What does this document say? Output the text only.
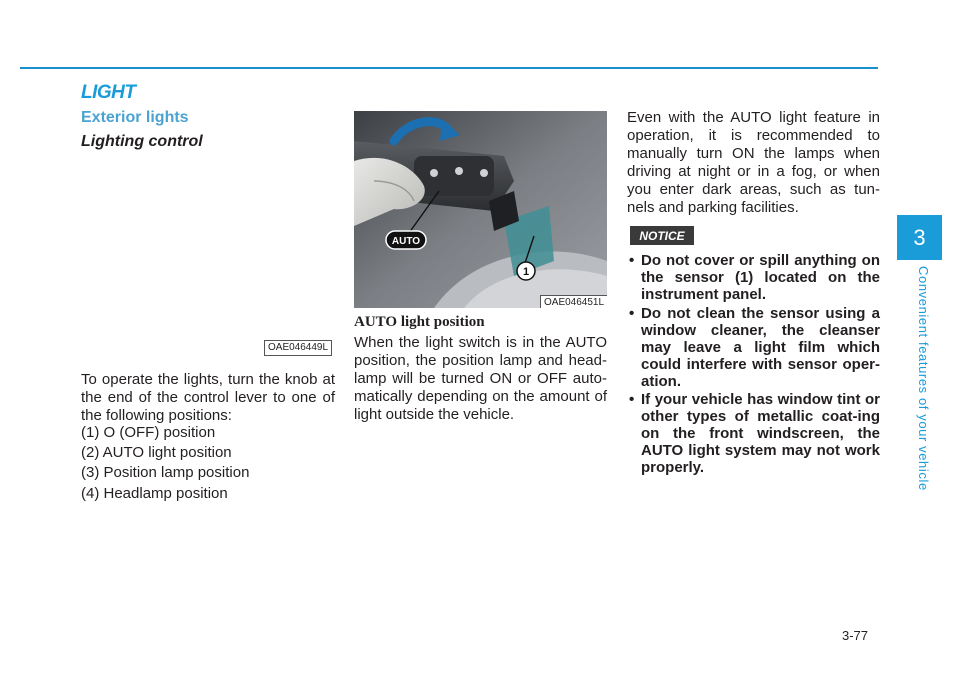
LIGHT
Exterior lights
Lighting control
OAE046449L
To operate the lights, turn the knob at the end of the control lever to one of the following positions:
(1) O (OFF) position
(2) AUTO light position
(3) Position lamp position
(4) Headlamp position
AUTO
1
OAE046451L
AUTO light position
When the light switch is in the AUTO position, the position lamp and head-lamp will be turned ON or OFF auto-matically depending on the amount of light outside the vehicle.
Even with the AUTO light feature in operation, it is recommended to manually turn ON the lamps when driving at night or in a fog, or when you enter dark areas, such as tun-nels and parking facilities.
NOTICE
• Do not cover or spill anything on the sensor (1) located on the instrument panel.
• Do not clean the sensor using a window cleaner, the cleanser may leave a light film which could interfere with sensor oper-ation.
• If your vehicle has window tint or other types of metallic coat-ing on the front windscreen, the AUTO light system may not work properly.
3
Convenient features of your vehicle
3-77
